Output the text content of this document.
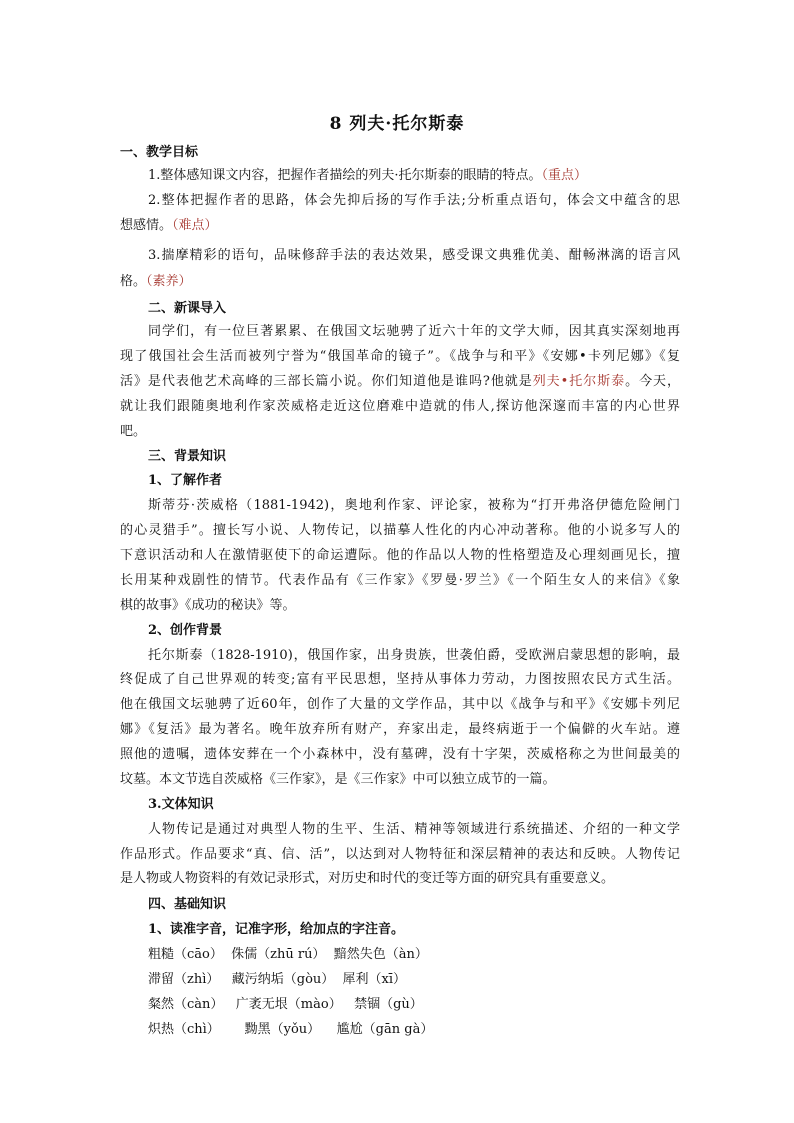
8 列夫·托尔斯泰
一、教学目标
1.整体感知课文内容，把握作者描绘的列夫·托尔斯泰的眼睛的特点。（重点）
2.整体把握作者的思路，体会先抑后扬的写作手法;分析重点语句，体会文中蕴含的思
想感情。（难点）
3.揣摩精彩的语句，品味修辞手法的表达效果，感受课文典雅优美、酣畅淋漓的语言风
格。（素养）
二、新课导入
同学们，有一位巨著累累、在俄国文坛驰骋了近六十年的文学大师，因其真实深刻地再
现了俄国社会生活而被列宁誉为“俄国革命的镜子”。《战争与和平》《安娜•卡列尼娜》《复
活》是代表他艺术高峰的三部长篇小说。你们知道他是谁吗?他就是列夫•托尔斯泰。今天，
就让我们跟随奥地利作家茨威格走近这位磨难中造就的伟人,探访他深邃而丰富的内心世界
吧。
三、背景知识
1、了解作者
斯蒂芬·茨威格（1881-1942)，奥地利作家、评论家，被称为“打开弗洛伊德危险闸门
的心灵猎手”。擅长写小说、人物传记，以描摹人性化的内心冲动著称。他的小说多写人的
下意识活动和人在激情驱使下的命运遭际。他的作品以人物的性格塑造及心理刻画见长，擅
长用某种戏剧性的情节。代表作品有《三作家》《罗曼·罗兰》《一个陌生女人的来信》《象
棋的故事》《成功的秘诀》等。
2、创作背景
托尔斯泰（1828-1910)，俄国作家，出身贵族，世袭伯爵，受欧洲启蒙思想的影响，最
终促成了自己世界观的转变;富有平民思想，坚持从事体力劳动，力图按照农民方式生活。
他在俄国文坛驰骋了近60年，创作了大量的文学作品，其中以《战争与和平》《安娜卡列尼
娜》《复活》最为著名。晚年放弃所有财产，弃家出走，最终病逝于一个偏僻的火车站。遵
照他的遗嘱，遗体安葬在一个小森林中，没有墓碑，没有十字架，茨威格称之为世间最美的
坟墓。本文节选自茨威格《三作家》，是《三作家》中可以独立成节的一篇。
3.文体知识
人物传记是通过对典型人物的生平、生活、精神等领域进行系统描述、介绍的一种文学
作品形式。作品要求“真、信、活”，以达到对人物特征和深层精神的表达和反映。人物传记
是人物或人物资料的有效记录形式，对历史和时代的变迁等方面的研究具有重要意义。
四、基础知识
1、读准字音，记准字形，给加点的字注音。
粗糙（cāo）  侏儒（zhū rú）  黯然失色（àn）
滞留（zhì）   藏污纳垢（gòu）  犀利（xī）
粲然（càn）   广袤无垠（mào）   禁锢（gù）
炽热（chì）      黝黑（yǒu）    尴尬（gān gà）
